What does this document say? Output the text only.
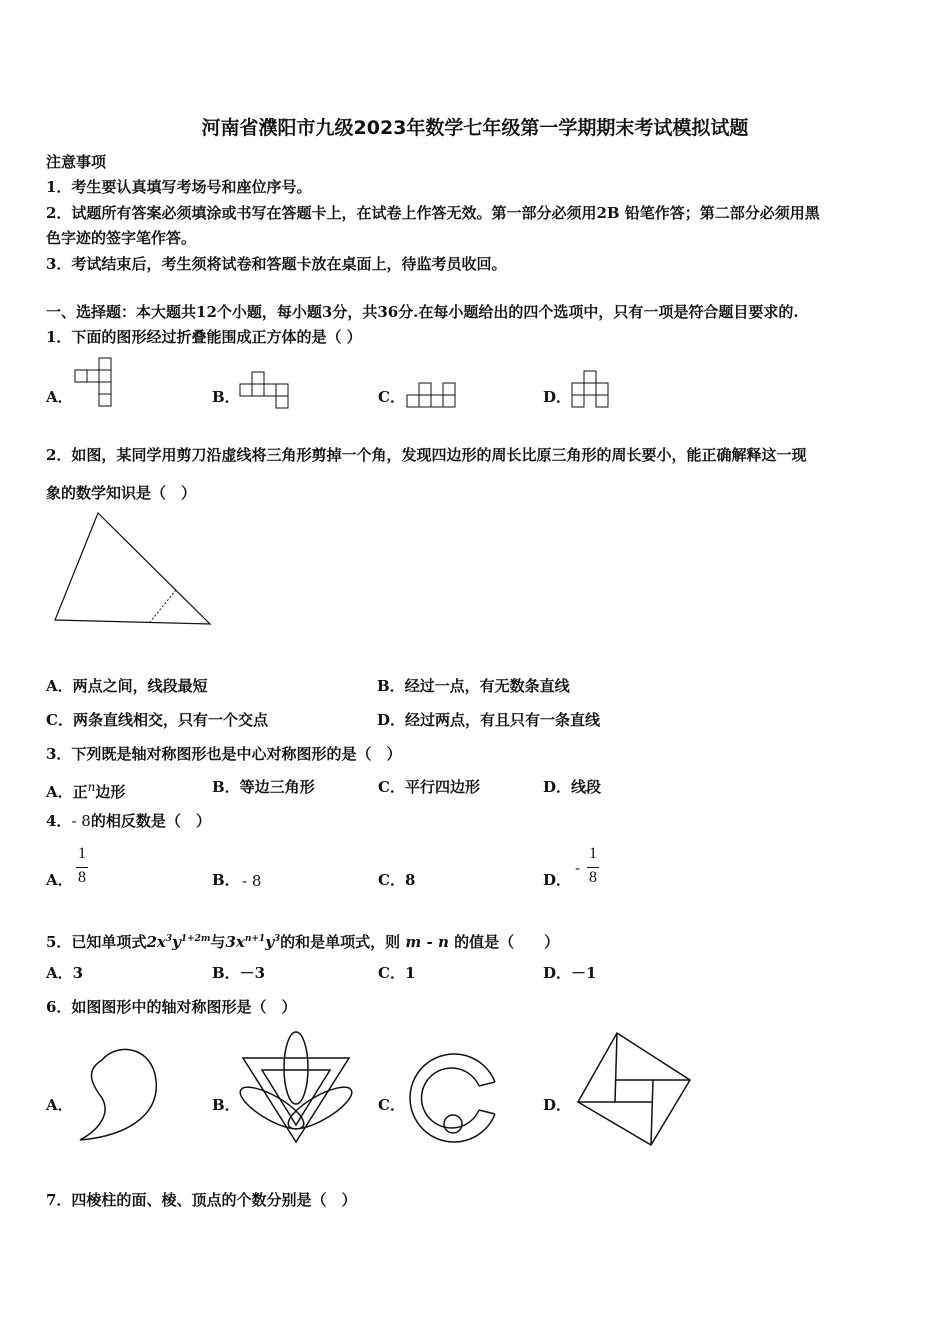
河南省濮阳市九级2023年数学七年级第一学期期末考试模拟试题
注意事项
1．考生要认真填写考场号和座位序号。
2．试题所有答案必须填涂或书写在答题卡上，在试卷上作答无效。第一部分必须用2B 铅笔作答；第二部分必须用黑
色字迹的签字笔作答。
3．考试结束后，考生须将试卷和答题卡放在桌面上，待监考员收回。
一、选择题：本大题共12个小题，每小题3分，共36分.在每小题给出的四个选项中，只有一项是符合题目要求的.
1．下面的图形经过折叠能围成正方体的是（ ）
A．	B．	C．	D．
2．如图，某同学用剪刀沿虚线将三角形剪掉一个角，发现四边形的周长比原三角形的周长要小，能正确解释这一现
象的数学知识是（　）
A．两点之间，线段最短	B．经过一点，有无数条直线
C．两条直线相交，只有一个交点	D．经过两点，有且只有一条直线
3．下列既是轴对称图形也是中心对称图形的是（　）
A．正$^n$边形	B．等边三角形	C．平行四边形	D．线段
4．- 8的相反数是（　）
A．
1
8	B． - 8	C． 8	D．
-
1
8
5．已知单项式$2x^3y^{1+2m}$与$3x^{n+1}y^3$的和是单项式，则 m - n 的值是（　　）
A．3	B．－3	C．1	D．－1
6．如图图形中的轴对称图形是（　）
A．	B．	C．	D．
7．四棱柱的面、棱、顶点的个数分别是（　）
